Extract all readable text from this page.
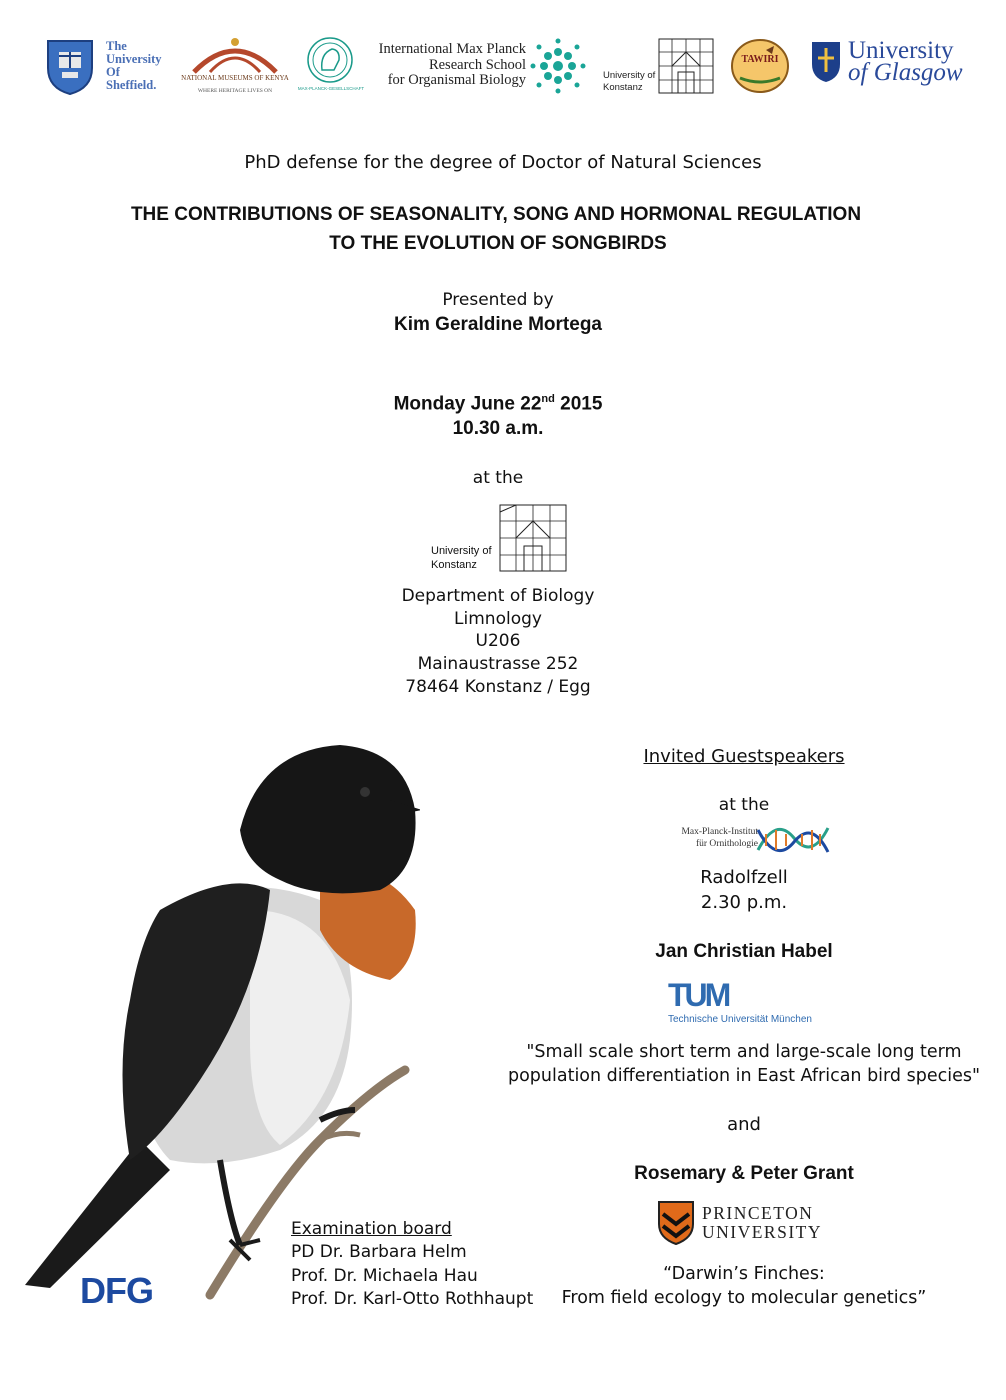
The
University
Of
Sheffield.	NATIONAL MUSEUMS OF KENYA
WHERE HERITAGE LIVES ON	MAX-PLANCK-GESELLSCHAFT
International Max Planck
Research School
for Organismal Biology	University of
Konstanz
TAWIRI	University
of Glasgow
PhD defense for the degree of Doctor of Natural Sciences
THE CONTRIBUTIONS OF SEASONALITY, SONG AND HORMONAL REGULATION
TO THE EVOLUTION OF SONGBIRDS
Presented by
Kim Geraldine Mortega
Monday June 22nd 2015
10.30 a.m.
at the
University of
Konstanz
Department of Biology
Limnology
U206
Mainaustrasse 252
78464 Konstanz / Egg
DFG
Examination board
PD Dr. Barbara Helm
Prof. Dr. Michaela Hau
Prof. Dr. Karl-Otto Rothhaupt
Invited Guestspeakers
at the
Max-Planck-Institut
für Ornithologie
Radolfzell
2.30 p.m.
Jan Christian Habel
TUM
Technische Universität München
"Small scale short term and large-scale long term
population differentiation in East African bird species"
and
Rosemary & Peter Grant
PRINCETON
UNIVERSITY
“Darwin’s Finches:
From field ecology to molecular genetics”
